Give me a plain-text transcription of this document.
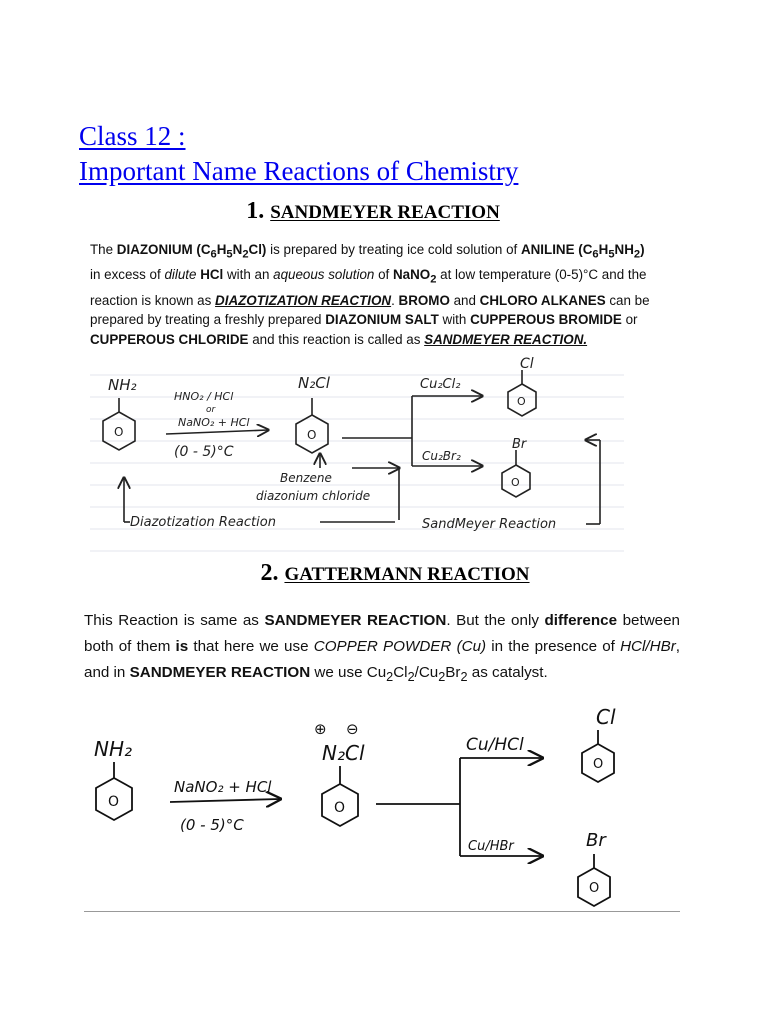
Class 12 :
Important Name Reactions of Chemistry
1. SANDMEYER REACTION

The DIAZONIUM $(C_6H_5N_2Cl)$ is prepared by treating ice cold solution of ANILINE $(C_6H_5NH_2)$ in excess of dilute HCl with an aqueous solution of NaNO$_2$ at low temperature (0-5)°C and the reaction is known as DIAZOTIZATION REACTION. BROMO and CHLORO ALKANES can be prepared by treating a freshly prepared DIAZONIUM SALT with CUPPEROUS BROMIDE or CUPPEROUS CHLORIDE and this reaction is called as SANDMEYER REACTION.

NH₂
O
HNO₂ / HCl
or
NaNO₂ + HCl
(0 - 5)°C
N₂Cl
O
Cu₂Cl₂
Cu₂Br₂
Cl
O
Br
O
Benzene
diazonium chloride
Diazotization Reaction	SandMeyer Reaction
2. GATTERMANN REACTION

This Reaction is same as SANDMEYER REACTION. But the only difference between both of them is that here we use COPPER POWDER (Cu) in the presence of HCl/HBr, and in SANDMEYER REACTION we use $Cu_2Cl_2/Cu_2Br_2$ as catalyst.

NH₂
O
NaNO₂ + HCl
(0 - 5)°C
⊕ ⊖
N₂Cl
O
Cu/HCl
Cu/HBr
Cl
O
Br
O
